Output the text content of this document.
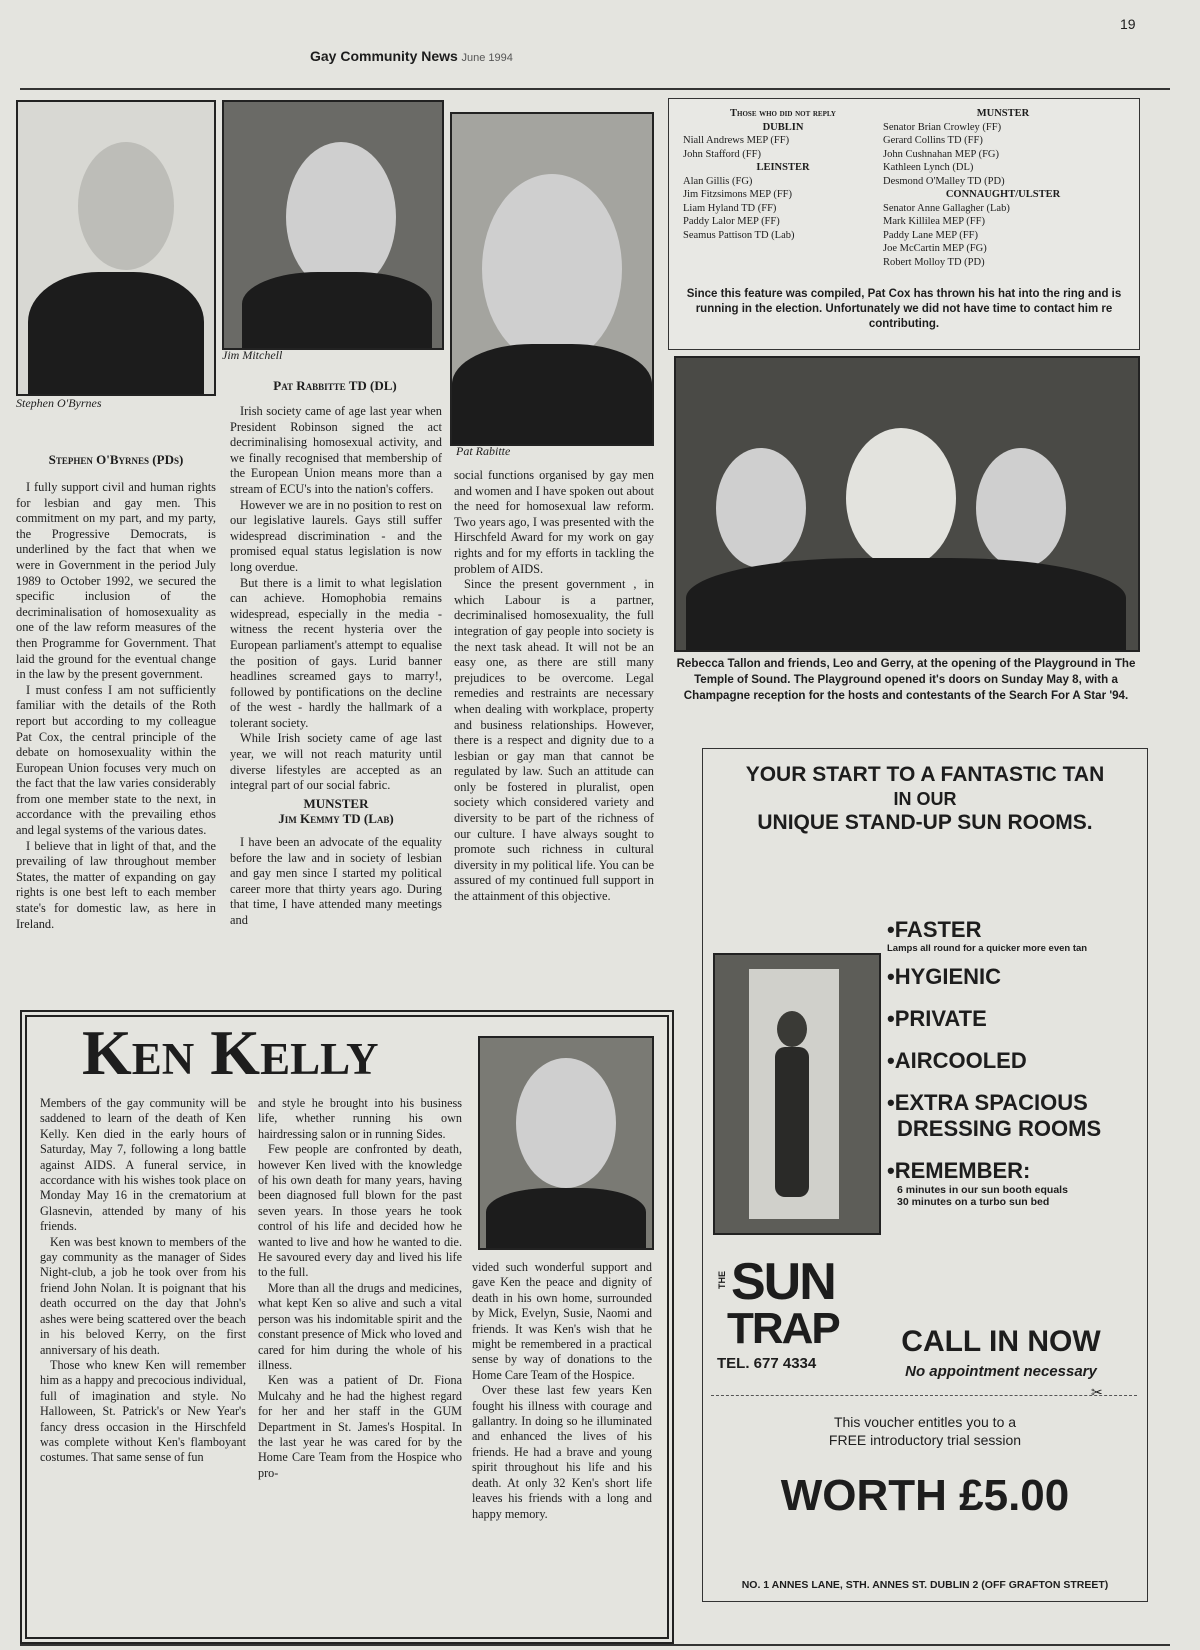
19
Gay Community News June 1994
Stephen O'Byrnes
Jim Mitchell
Pat Rabitte
Stephen O'Byrnes (PDs)

I fully support civil and human rights for lesbian and gay men. This commitment on my part, and my party, the Progressive Democrats, is underlined by the fact that when we were in Government in the period July 1989 to October 1992, we secured the specific inclusion of the decriminalisation of homosexuality as one of the law reform measures of the then Programme for Government. That laid the ground for the eventual change in the law by the present government.

I must confess I am not sufficiently familiar with the details of the Roth report but according to my colleague Pat Cox, the central principle of the debate on homosexuality within the European Union focuses very much on the fact that the law varies considerably from one member state to the next, in accordance with the prevailing ethos and legal systems of the various dates.

I believe that in light of that, and the prevailing of law throughout member States, the matter of expanding on gay rights is one best left to each member state's for domestic law, as here in Ireland.

Pat Rabbitte TD (DL)

Irish society came of age last year when President Robinson signed the act decriminalising homosexual activity, and we finally recognised that membership of the European Union means more than a stream of ECU's into the nation's coffers.

However we are in no position to rest on our legislative laurels. Gays still suffer widespread discrimination - and the promised equal status legislation is now long overdue.

But there is a limit to what legislation can achieve. Homophobia remains widespread, especially in the media - witness the recent hysteria over the European parliament's attempt to equalise the position of gays. Lurid banner headlines screamed gays to marry!, followed by pontifications on the decline of the west - hardly the hallmark of a tolerant society.

While Irish society came of age last year, we will not reach maturity until diverse lifestyles are accepted as an integral part of our social fabric.

MUNSTER
Jim Kemmy TD (Lab)

I have been an advocate of the equality before the law and in society of lesbian and gay men since I started my political career more that thirty years ago. During that time, I have attended many meetings and

social functions organised by gay men and women and I have spoken out about the need for homosexual law reform. Two years ago, I was presented with the Hirschfeld Award for my work on gay rights and for my efforts in tackling the problem of AIDS.

Since the present government , in which Labour is a partner, decriminalised homosexuality, the full integration of gay people into society is the next task ahead. It will not be an easy one, as there are still many prejudices to be overcome. Legal remedies and restraints are necessary when dealing with workplace, property and business relationships. However, there is a respect and dignity due to a lesbian or gay man that cannot be regulated by law. Such an attitude can only be fostered in pluralist, open society which considered variety and diversity to be part of the richness of our culture. I have always sought to promote such richness in cultural diversity in my political life. You can be assured of my continued full support in the attainment of this objective.

Those who did not reply
DUBLIN
Niall Andrews MEP (FF)
John Stafford (FF)
LEINSTER
Alan Gillis (FG)
Jim Fitzsimons MEP (FF)
Liam Hyland TD (FF)
Paddy Lalor MEP (FF)
Seamus Pattison TD (Lab)
MUNSTER
Senator Brian Crowley (FF)
Gerard Collins TD (FF)
John Cushnahan MEP (FG)
Kathleen Lynch (DL)
Desmond O'Malley TD (PD)
CONNAUGHT/ULSTER
Senator Anne Gallagher (Lab)
Mark Killilea MEP (FF)
Paddy Lane MEP (FF)
Joe McCartin MEP (FG)
Robert Molloy TD (PD)
Since this feature was compiled, Pat Cox has thrown his hat into the ring and is running in the election. Unfortunately we did not have time to contact him re contributing.
Rebecca Tallon and friends, Leo and Gerry, at the opening of the Playground in The Temple of Sound. The Playground opened it's doors on Sunday May 8, with a Champagne reception for the hosts and contestants of the Search For A Star '94.
Ken Kelly

Members of the gay community will be saddened to learn of the death of Ken Kelly. Ken died in the early hours of Saturday, May 7, following a long battle against AIDS. A funeral service, in accordance with his wishes took place on Monday May 16 in the crematorium at Glasnevin, attended by many of his friends.

Ken was best known to members of the gay community as the manager of Sides Night-club, a job he took over from his friend John Nolan. It is poignant that his death occurred on the day that John's ashes were being scattered over the beach in his beloved Kerry, on the first anniversary of his death.

Those who knew Ken will remember him as a happy and precocious individual, full of imagination and style. No Halloween, St. Patrick's or New Year's fancy dress occasion in the Hirschfeld was complete without Ken's flamboyant costumes. That same sense of fun

and style he brought into his business life, whether running his own hairdressing salon or in running Sides.

Few people are confronted by death, however Ken lived with the knowledge of his own death for many years, having been diagnosed full blown for the past seven years. In those years he took control of his life and decided how he wanted to live and how he wanted to die. He savoured every day and lived his life to the full.

More than all the drugs and medicines, what kept Ken so alive and such a vital person was his indomitable spirit and the constant presence of Mick who loved and cared for him during the whole of his illness.

Ken was a patient of Dr. Fiona Mulcahy and he had the highest regard for her and her staff in the GUM Department in St. James's Hospital. In the last year he was cared for by the Home Care Team from the Hospice who pro-

vided such wonderful support and gave Ken the peace and dignity of death in his own home, surrounded by Mick, Evelyn, Susie, Naomi and friends. It was Ken's wish that he might be remembered in a practical sense by way of donations to the Home Care Team of the Hospice.

Over these last few years Ken fought his illness with courage and gallantry. In doing so he illuminated and enhanced the lives of his friends. He had a brave and young spirit throughout his life and his death. At only 32 Ken's short life leaves his friends with a long and happy memory.

YOUR START TO A FANTASTIC TAN
IN OUR
UNIQUE STAND-UP SUN ROOMS.
•FASTER
Lamps all round for a quicker more even tan
•HYGIENIC
•PRIVATE
•AIRCOOLED
•EXTRA SPACIOUS
DRESSING ROOMS
•REMEMBER:
6 minutes in our sun booth equals
30 minutes on a turbo sun bed
THE SUN
TRAP
TEL. 677 4334
CALL IN NOW
No appointment necessary
✂
This voucher entitles you to a
FREE introductory trial session
WORTH £5.00
NO. 1 ANNES LANE, STH. ANNES ST. DUBLIN 2 (OFF GRAFTON STREET)
